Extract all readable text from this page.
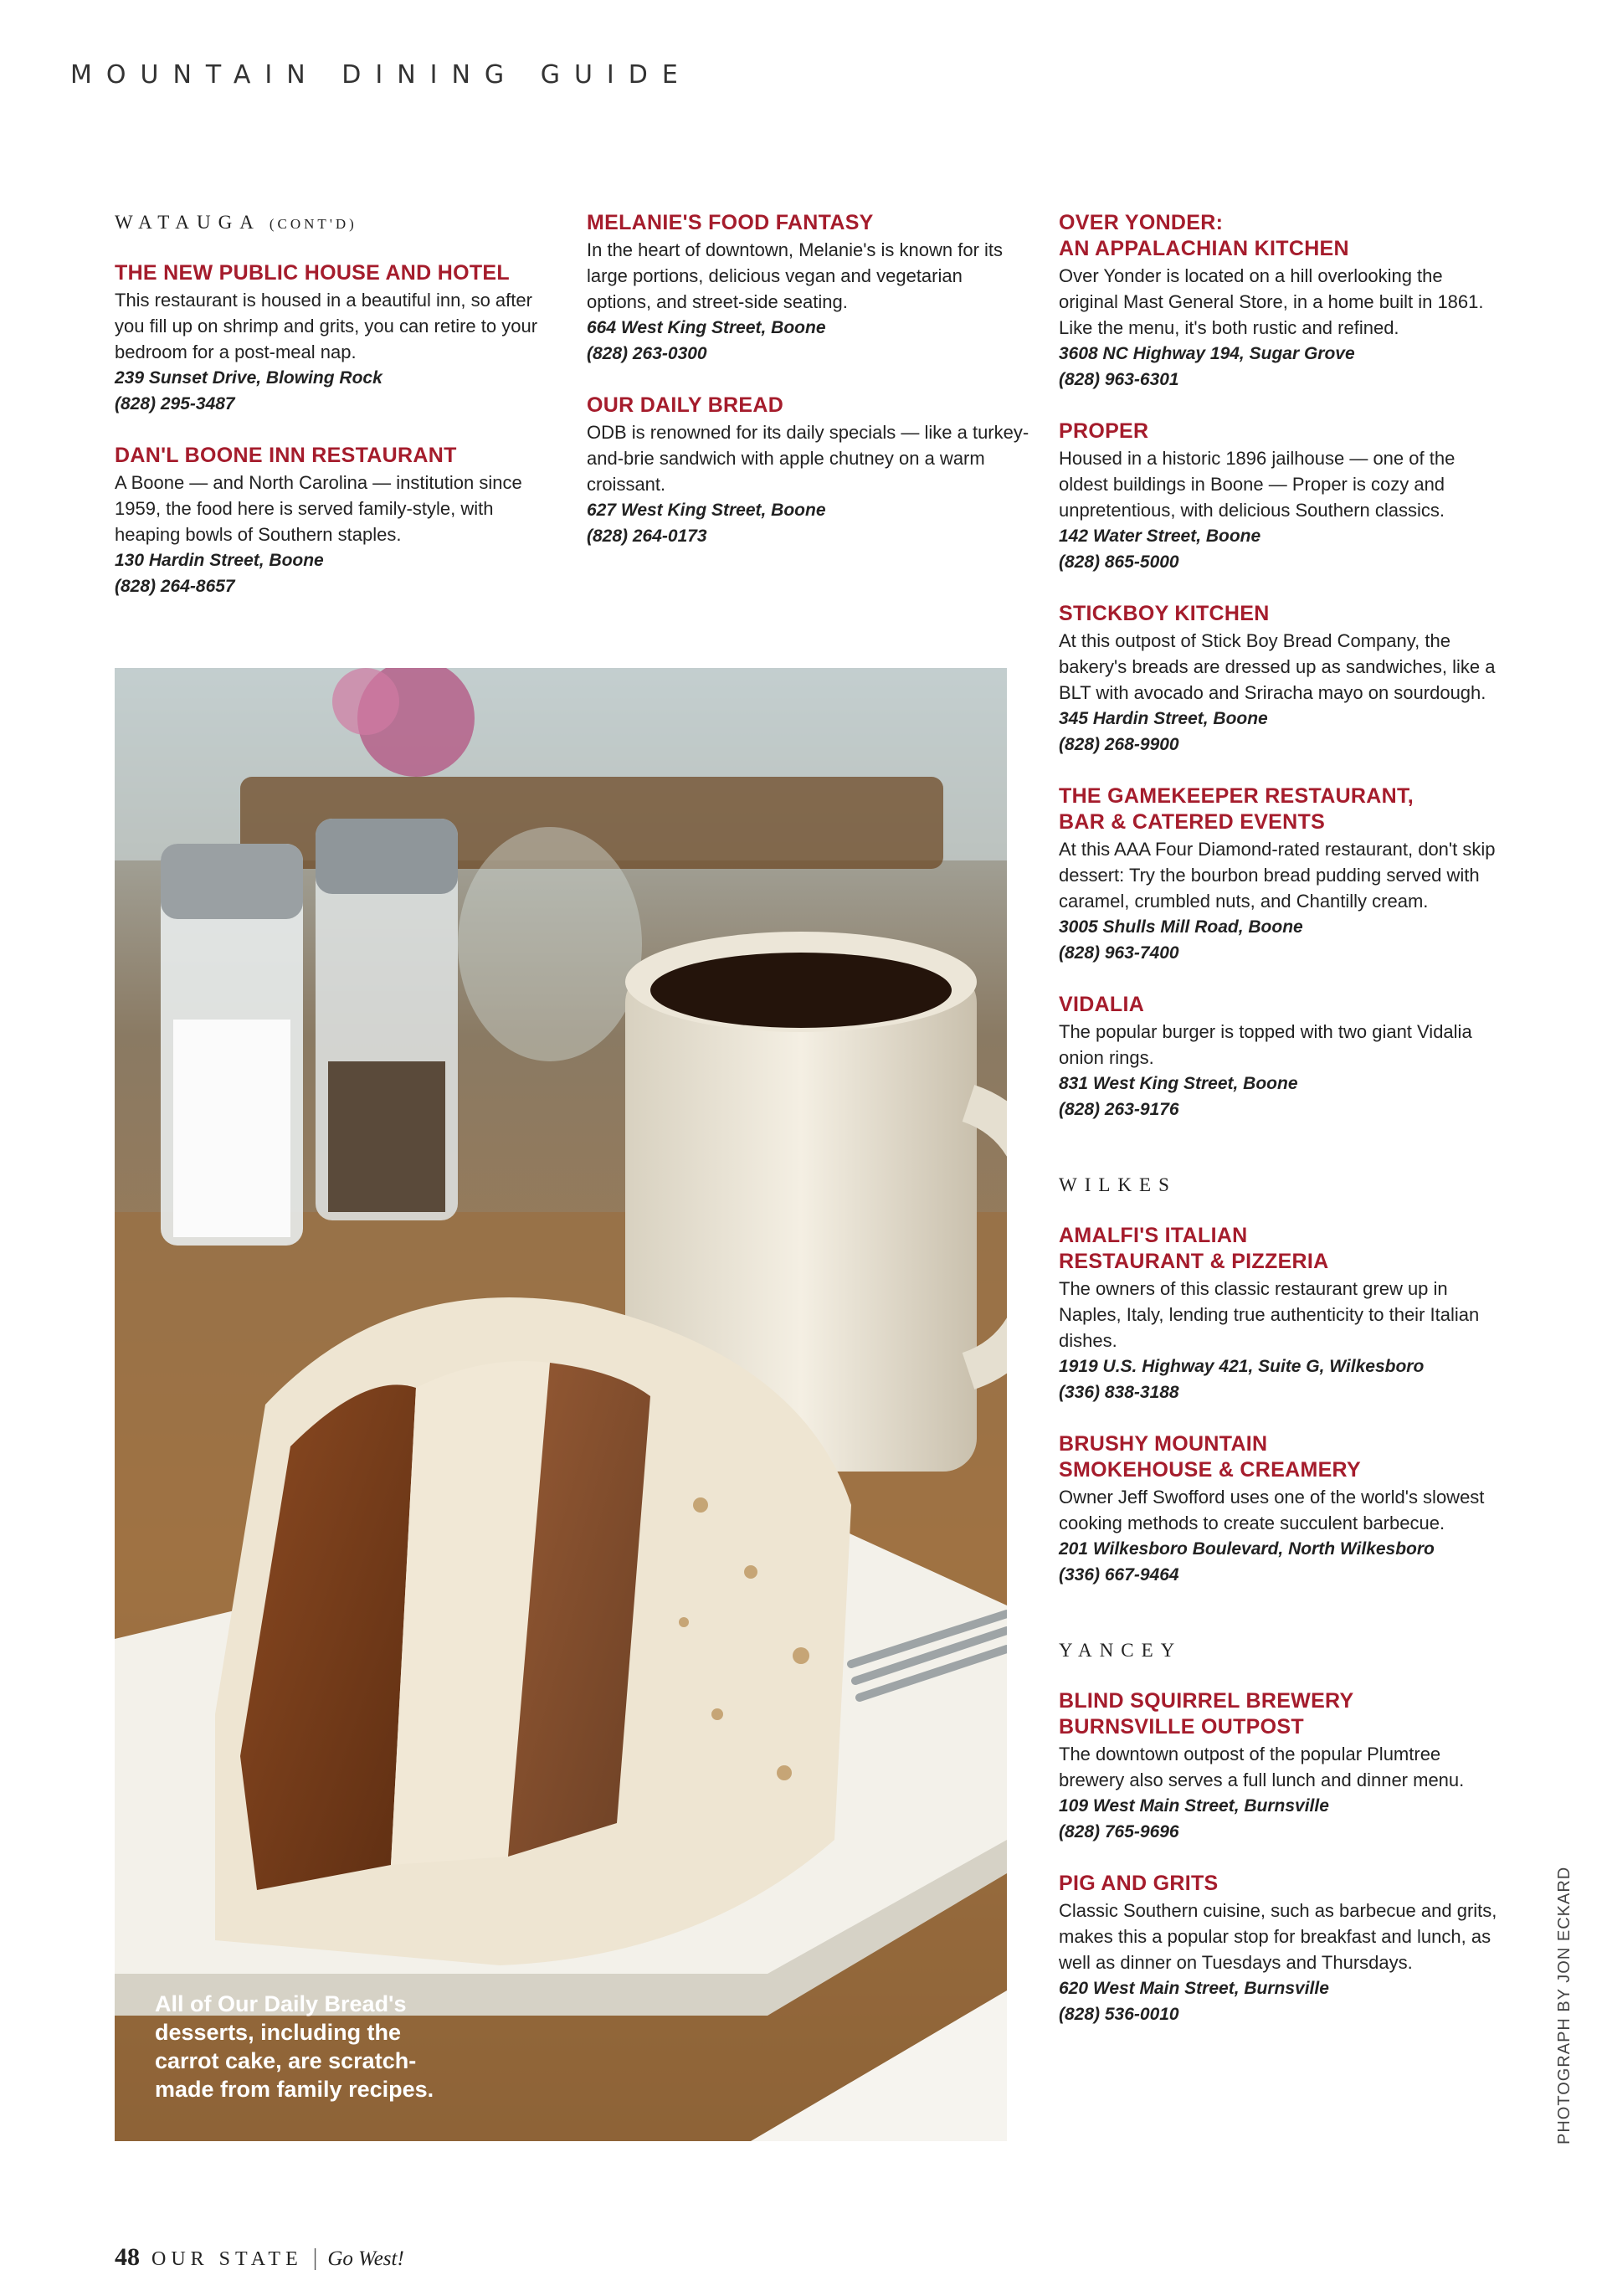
MOUNTAIN DINING GUIDE
WATAUGA (CONT'D)
THE NEW PUBLIC HOUSE AND HOTEL
This restaurant is housed in a beautiful inn, so after you fill up on shrimp and grits, you can retire to your bedroom for a post-meal nap.
239 Sunset Drive, Blowing Rock
(828) 295-3487
DAN'L BOONE INN RESTAURANT
A Boone — and North Carolina — institution since 1959, the food here is served family-style, with heaping bowls of Southern staples.
130 Hardin Street, Boone
(828) 264-8657
MELANIE'S FOOD FANTASY
In the heart of downtown, Melanie's is known for its large portions, delicious vegan and vegetarian options, and street-side seating.
664 West King Street, Boone
(828) 263-0300
OUR DAILY BREAD
ODB is renowned for its daily specials — like a turkey-and-brie sandwich with apple chutney on a warm croissant.
627 West King Street, Boone
(828) 264-0173
OVER YONDER:
AN APPALACHIAN KITCHEN
Over Yonder is located on a hill overlooking the original Mast General Store, in a home built in 1861. Like the menu, it's both rustic and refined.
3608 NC Highway 194, Sugar Grove
(828) 963-6301
PROPER
Housed in a historic 1896 jailhouse — one of the oldest buildings in Boone — Proper is cozy and unpretentious, with delicious Southern classics.
142 Water Street, Boone
(828) 865-5000
STICKBOY KITCHEN
At this outpost of Stick Boy Bread Company, the bakery's breads are dressed up as sandwiches, like a BLT with avocado and Sriracha mayo on sourdough.
345 Hardin Street, Boone
(828) 268-9900
THE GAMEKEEPER RESTAURANT,
BAR & CATERED EVENTS
At this AAA Four Diamond-rated restaurant, don't skip dessert: Try the bourbon bread pudding served with caramel, crumbled nuts, and Chantilly cream.
3005 Shulls Mill Road, Boone
(828) 963-7400
VIDALIA
The popular burger is topped with two giant Vidalia onion rings.
831 West King Street, Boone
(828) 263-9176
WILKES
AMALFI'S ITALIAN
RESTAURANT & PIZZERIA
The owners of this classic restaurant grew up in Naples, Italy, lending true authenticity to their Italian dishes.
1919 U.S. Highway 421, Suite G, Wilkesboro
(336) 838-3188
BRUSHY MOUNTAIN
SMOKEHOUSE & CREAMERY
Owner Jeff Swofford uses one of the world's slowest cooking methods to create succulent barbecue.
201 Wilkesboro Boulevard, North Wilkesboro
(336) 667-9464
YANCEY
BLIND SQUIRREL BREWERY
BURNSVILLE OUTPOST
The downtown outpost of the popular Plumtree brewery also serves a full lunch and dinner menu.
109 West Main Street, Burnsville
(828) 765-9696
PIG AND GRITS
Classic Southern cuisine, such as barbecue and grits, makes this a popular stop for breakfast and lunch, as well as dinner on Tuesdays and Thursdays.
620 West Main Street, Burnsville
(828) 536-0010
All of Our Daily Bread's desserts, including the carrot cake, are scratch-made from family recipes.	PHOTOGRAPH BY JON ECKARD
48 OUR STATE | Go West!
